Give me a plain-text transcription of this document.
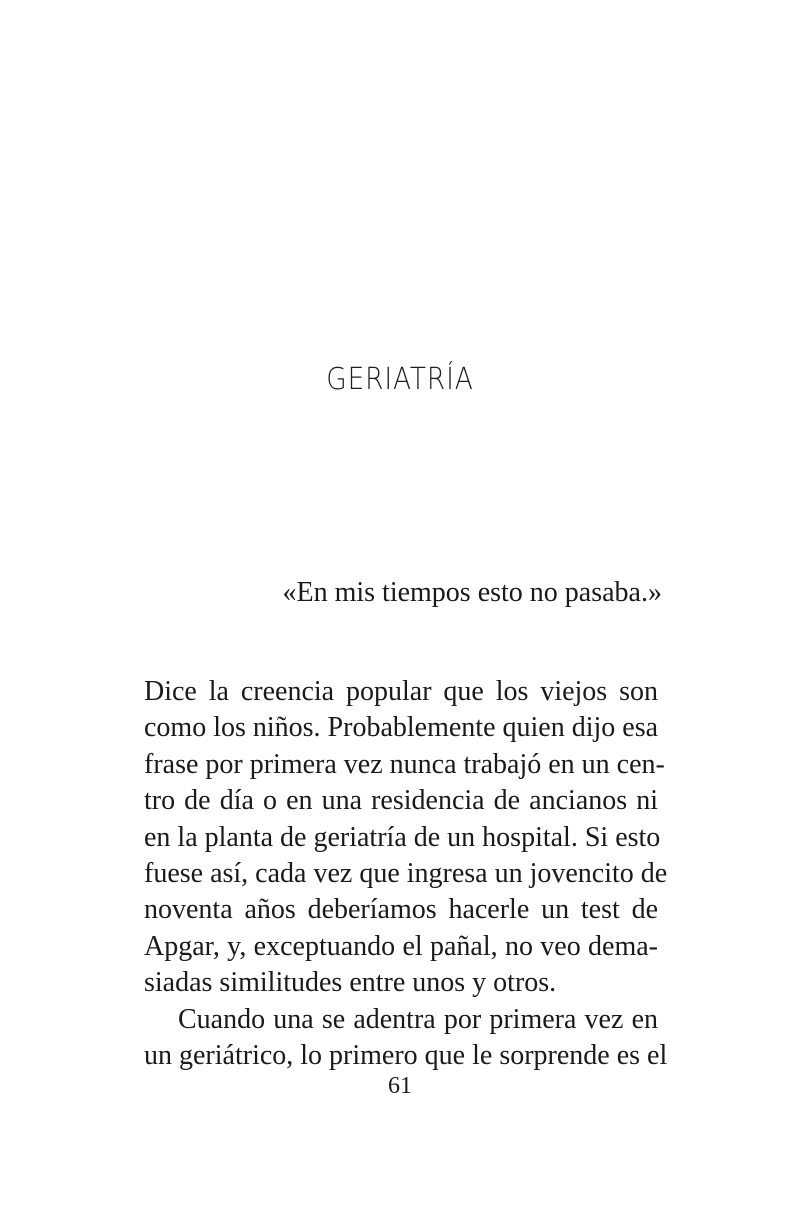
GERIATRÍA

«En mis tiempos esto no pasaba.»

Dice la creencia popular que los viejos son
como los niños. Probablemente quien dijo esa
frase por primera vez nunca trabajó en un cen-
tro de día o en una residencia de ancianos ni
en la planta de geriatría de un hospital. Si esto
fuese así, cada vez que ingresa un jovencito de
noventa años deberíamos hacerle un test de
Apgar, y, exceptuando el pañal, no veo dema-
siadas similitudes entre unos y otros.
Cuando una se adentra por primera vez en
un geriátrico, lo primero que le sorprende es el

61
